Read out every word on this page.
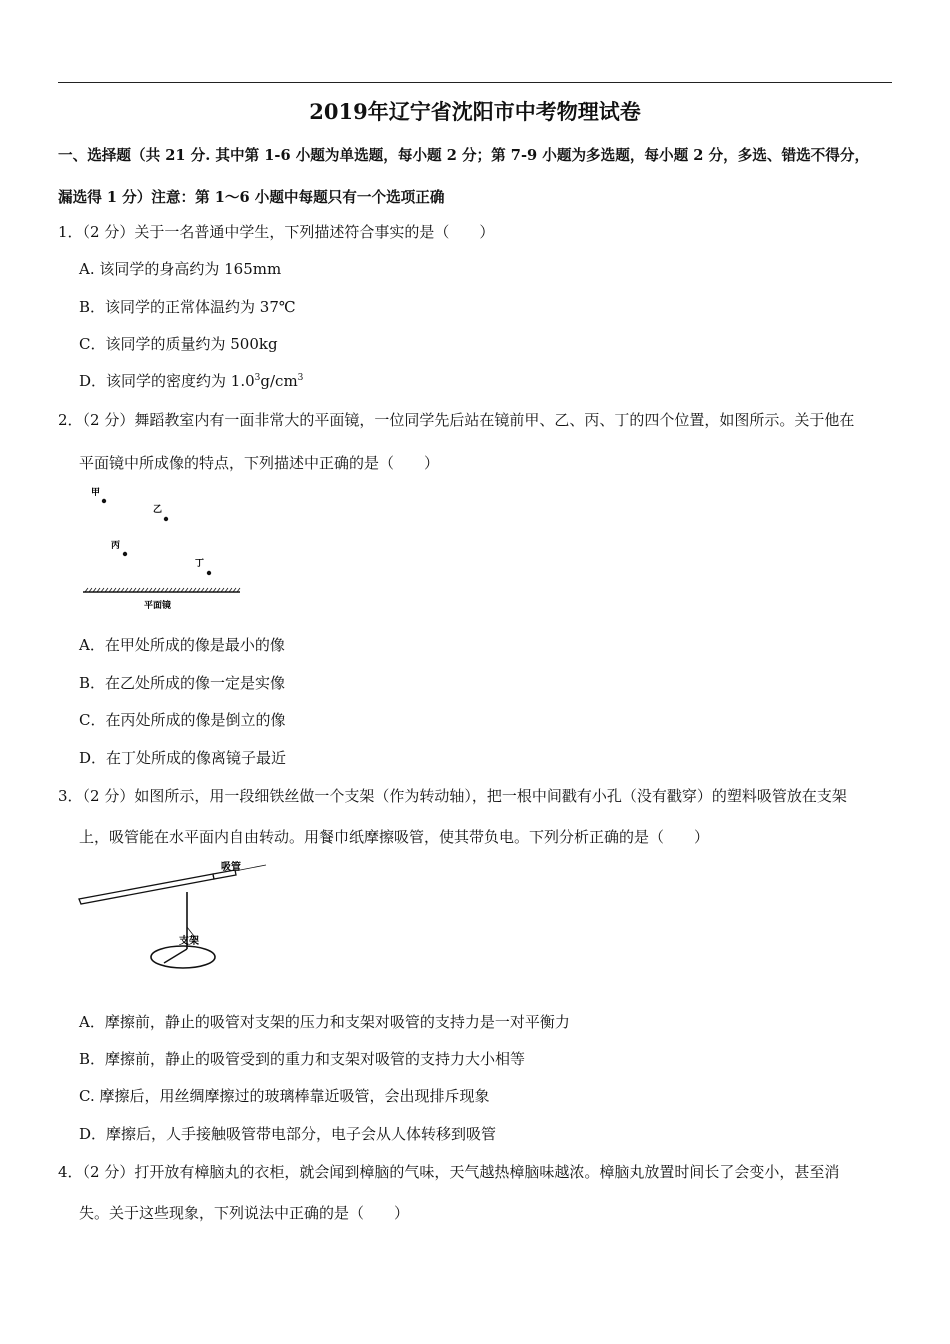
2019年辽宁省沈阳市中考物理试卷
一、选择题（共 21 分. 其中第 1-6 小题为单选题，每小题 2 分；第 7-9 小题为多选题，每小题 2 分，多选、错选不得分，
漏选得 1 分）注意：第 1～6 小题中每题只有一个选项正确
1．（2 分）关于一名普通中学生，下列描述符合事实的是（　　）
A. 该同学的身高约为 165mm
B．该同学的正常体温约为 37℃
C．该同学的质量约为 500kg
D．该同学的密度约为 $1.0^3g/cm^3$
2．（2 分）舞蹈教室内有一面非常大的平面镜，一位同学先后站在镜前甲、乙、丙、丁的四个位置，如图所示。关于他在
平面镜中所成像的特点，下列描述中正确的是（　　）
甲
乙
丙
丁
平面镜
A．在甲处所成的像是最小的像
B．在乙处所成的像一定是实像
C．在丙处所成的像是倒立的像
D．在丁处所成的像离镜子最近
3．（2 分）如图所示，用一段细铁丝做一个支架（作为转动轴），把一根中间戳有小孔（没有戳穿）的塑料吸管放在支架
上，吸管能在水平面内自由转动。用餐巾纸摩擦吸管，使其带负电。下列分析正确的是（　　）
吸管
支架
A．摩擦前，静止的吸管对支架的压力和支架对吸管的支持力是一对平衡力
B．摩擦前，静止的吸管受到的重力和支架对吸管的支持力大小相等
C. 摩擦后，用丝绸摩擦过的玻璃棒靠近吸管，会出现排斥现象
D．摩擦后，人手接触吸管带电部分，电子会从人体转移到吸管
4．（2 分）打开放有樟脑丸的衣柜，就会闻到樟脑的气味，天气越热樟脑味越浓。樟脑丸放置时间长了会变小，甚至消
失。关于这些现象，下列说法中正确的是（　　）
